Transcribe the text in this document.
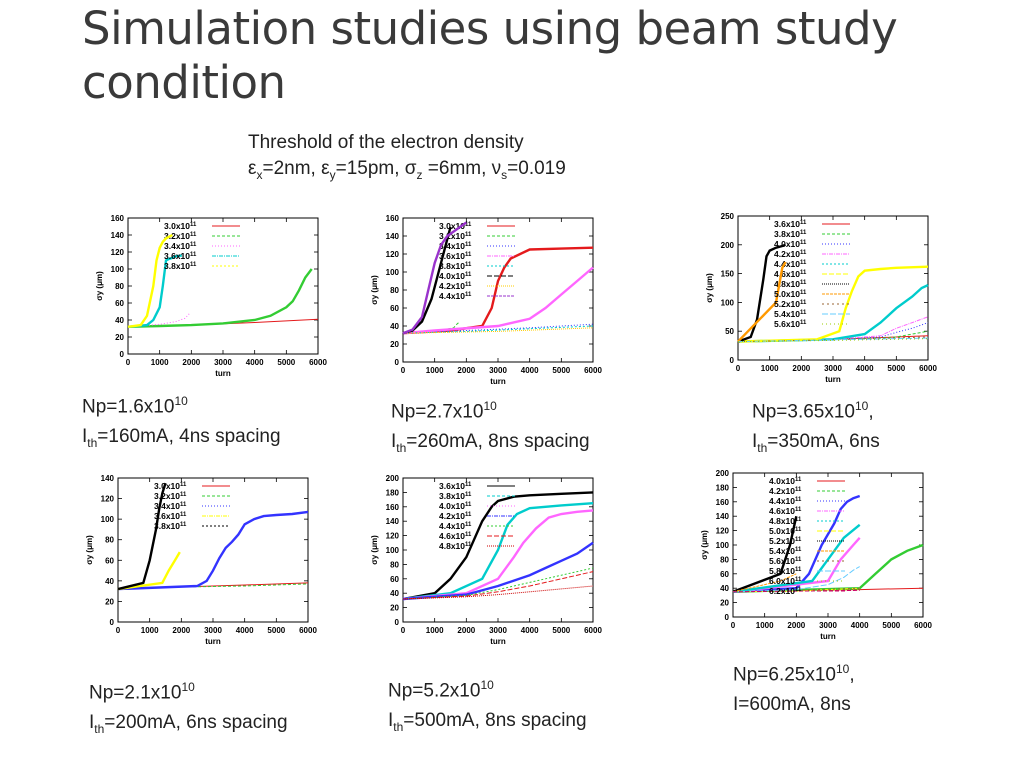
Simulation studies using beam study condition
Threshold of the electron density
$\varepsilon_x=2nm$, $\varepsilon_y=15pm$, $\sigma_z =6mm$, $\nu_s=0.019$
0
20
40
60
80
100
120
140
160
0	1000 2000 3000 4000 5000 6000
turn
σy (μm)
$3.0x10^{11}$
$3.2x10^{11}$
$3.4x10^{11}$
$3.6x10^{11}$
$3.8x10^{11}$
0
20
40
60
80
100
120
140
160
0	1000 2000 3000 4000 5000 6000
turn
σy (μm)
$3.0x10^{11}$
$3.2x10^{11}$
$3.4x10^{11}$
$3.6x10^{11}$
$3.8x10^{11}$
$4.0x10^{11}$
$4.2x10^{11}$
$4.4x10^{11}$
0
50
100
150
200
250
0	1000 2000 3000 4000 5000 6000
turn
σy (μm)
$3.6x10^{11}$
$3.8x10^{11}$
$4.0x10^{11}$
$4.2x10^{11}$
$4.4x10^{11}$
$4.6x10^{11}$
$4.8x10^{11}$
$5.0x10^{11}$
$5.2x10^{11}$
$5.4x10^{11}$
$5.6x10^{11}$
0
20
40
60
80
100
120
140
0	1000 2000 3000 4000 5000 6000
turn
σy (μm)
$3.0x10^{11}$
$3.2x10^{11}$
$3.4x10^{11}$
$3.6x10^{11}$
$3.8x10^{11}$
0
20
40
60
80
100
120
140
160
180
200
0	1000 2000 3000 4000 5000 6000
turn
σy (μm)
$3.6x10^{11}$
$3.8x10^{11}$
$4.0x10^{11}$
$4.2x10^{11}$
$4.4x10^{11}$
$4.6x10^{11}$
$4.8x10^{11}$
0
20
40
60
80
100
120
140
160
180
200
0	1000 2000 3000 4000 5000 6000
turn
σy (μm)
$4.0x10^{11}$
$4.2x10^{11}$
$4.4x10^{11}$
$4.6x10^{11}$
$4.8x10^{11}$
$5.0x10^{11}$
$5.2x10^{11}$
$5.4x10^{11}$
$5.6x10^{11}$
$5.8x10^{11}$
$6.0x10^{11}$
$6.2x10^{11}$
$Np=1.6x10^{10}$
$I_{th}=160mA$, 4ns spacing
$Np=2.7x10^{10}$
$I_{th}=260mA$, 8ns spacing
$Np=3.65x10^{10}$,
$I_{th}=350mA$, 6ns
$Np=2.1x10^{10}$
$I_{th}=200mA$, 6ns spacing
$Np=5.2x10^{10}$
$I_{th}=500mA$, 8ns spacing
$Np=6.25x10^{10}$,
I=600mA, 8ns
